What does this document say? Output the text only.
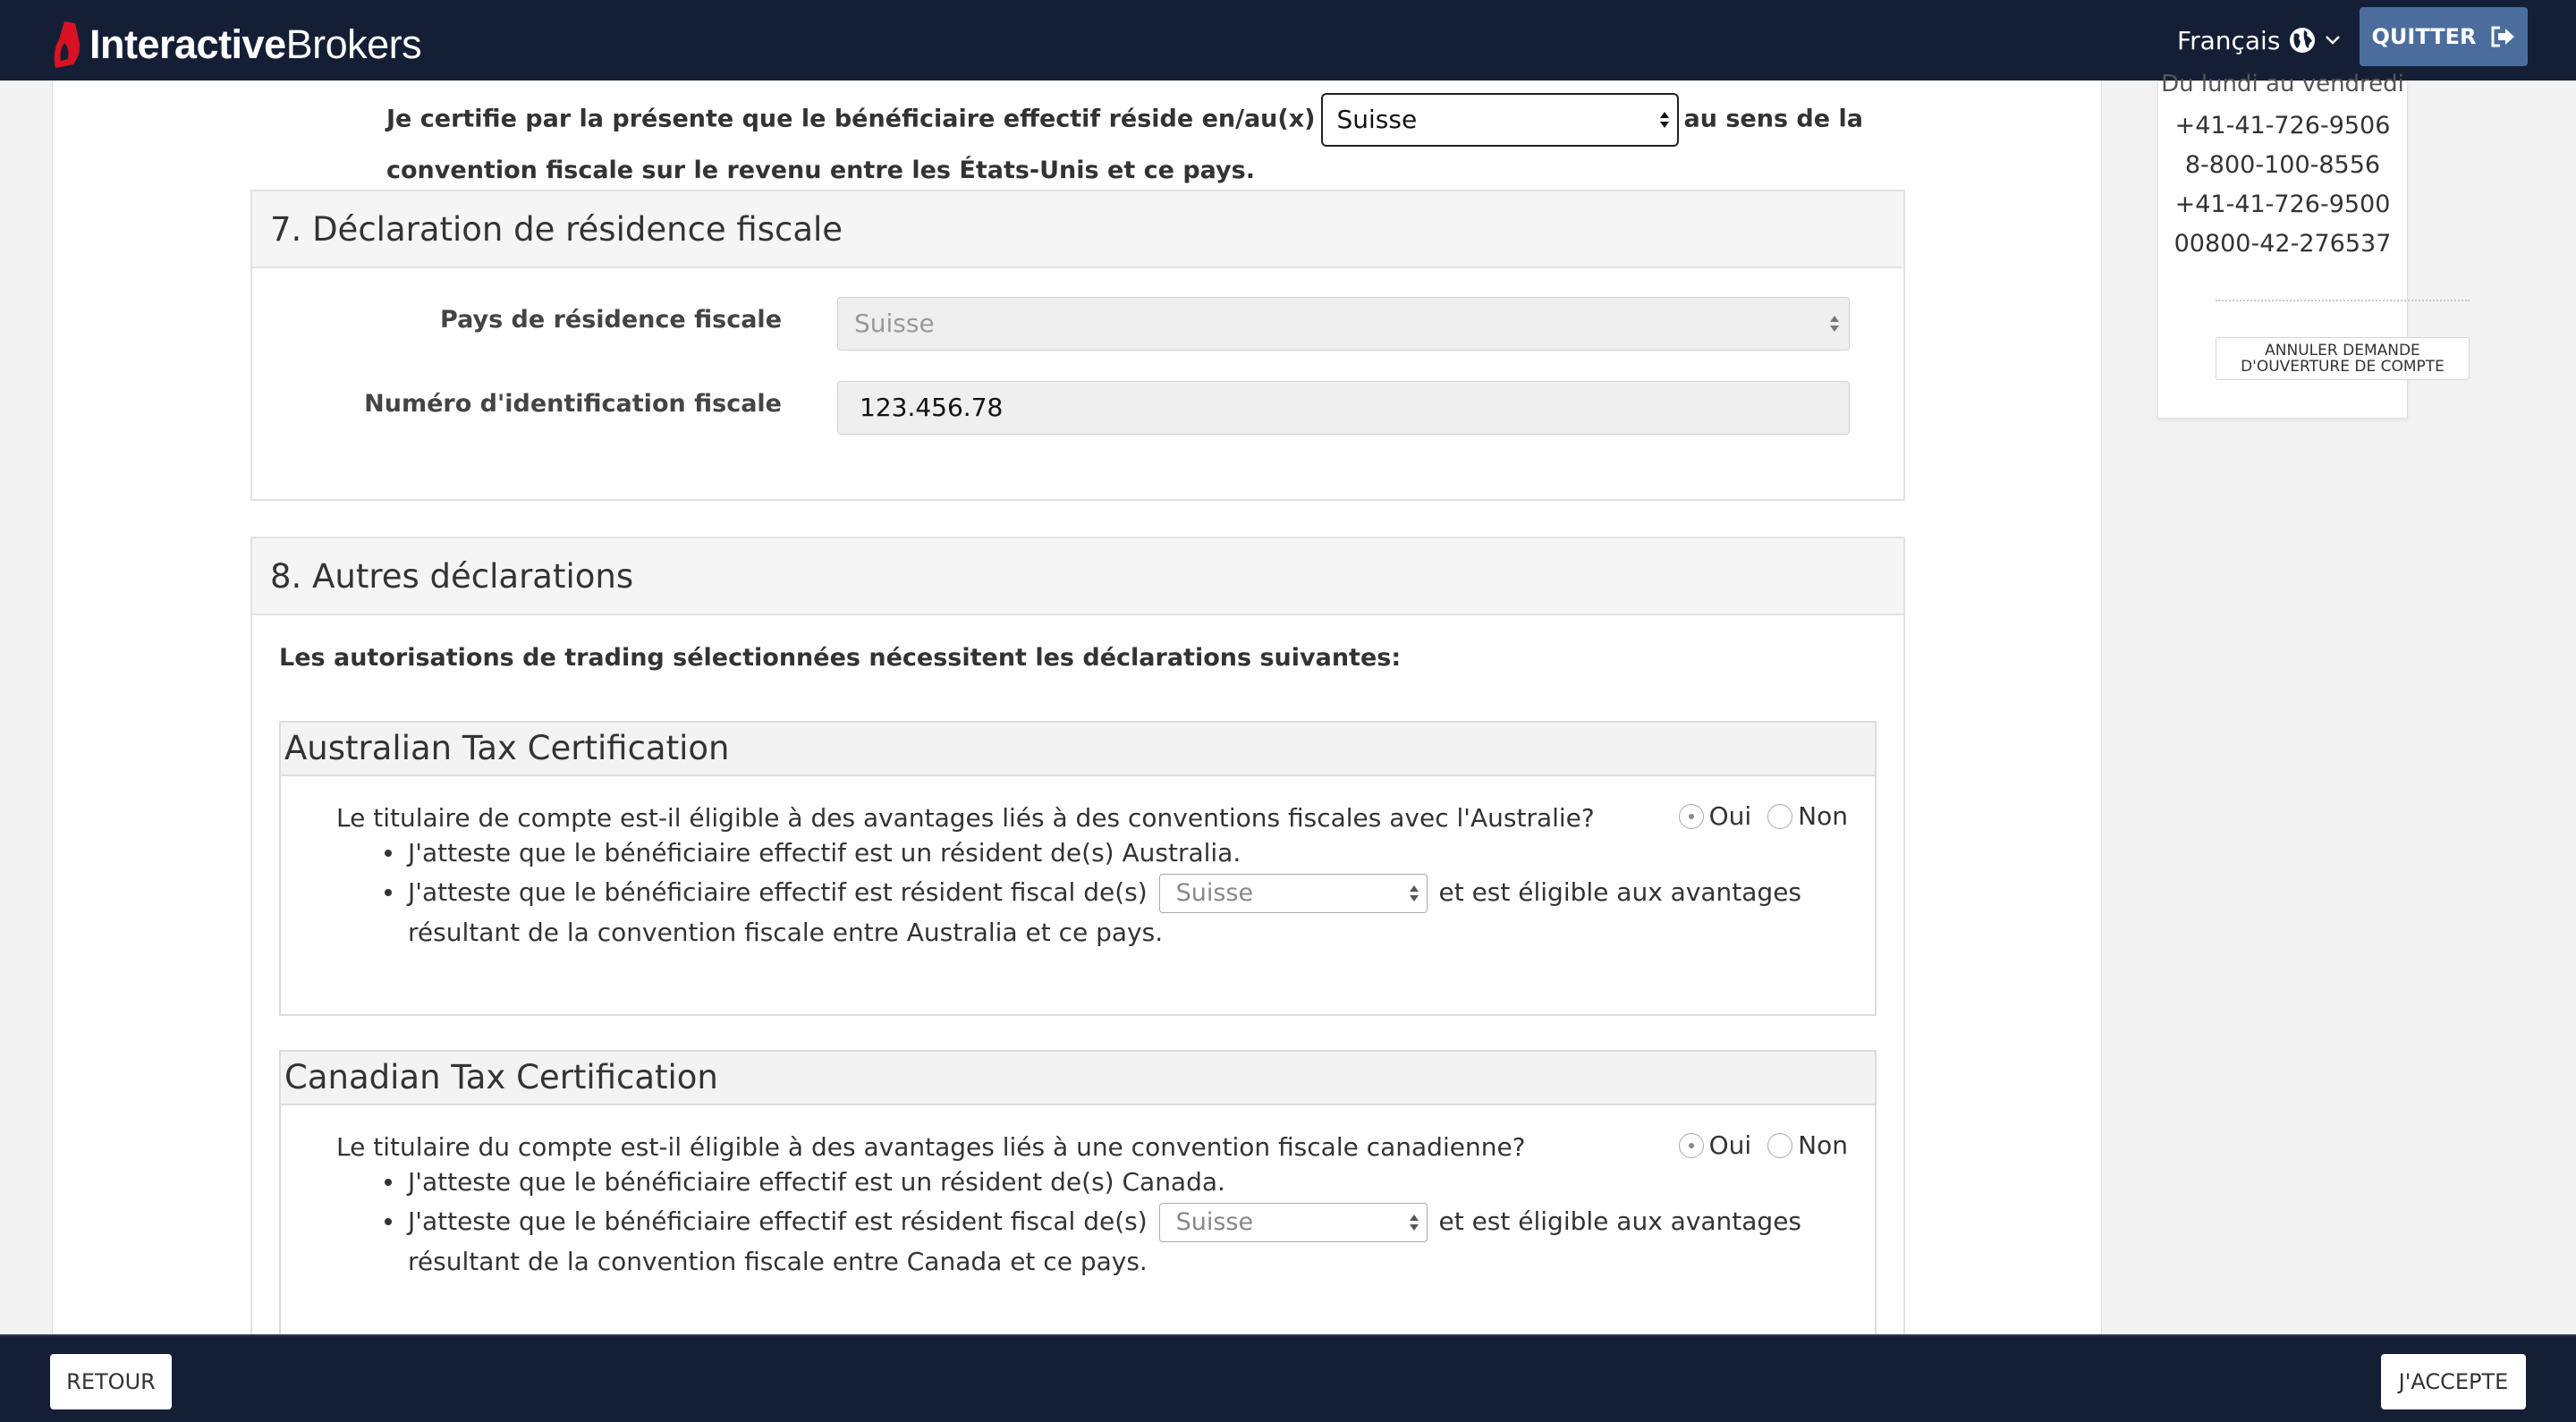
InteractiveBrokers	Français	QUITTER
Du lundi au vendredi
+41-41-726-9506
8-800-100-8556
+41-41-726-9500
00800-42-276537
ANNULER DEMANDE
D'OUVERTURE DE COMPTE
Je certifie par la présente que le bénéficiaire effectif réside en/au(x) Suisse	au sens de la convention fiscale sur le revenu entre les États-Unis et ce pays.
7. Déclaration de résidence fiscale
Pays de résidence fiscale	Suisse
Numéro d'identification fiscale	123.456.78
8. Autres déclarations
Les autorisations de trading sélectionnées nécessitent les déclarations suivantes:
Australian Tax Certification
Le titulaire de compte est-il éligible à des avantages liés à des conventions fiscales avec l'Australie?	Oui Non
J'atteste que le bénéficiaire effectif est un résident de(s) Australia.
J'atteste que le bénéficiaire effectif est résident fiscal de(s) Suisse	et est éligible aux avantages résultant de la convention fiscale entre Australia et ce pays.
Canadian Tax Certification
Le titulaire du compte est-il éligible à des avantages liés à une convention fiscale canadienne?	Oui Non
J'atteste que le bénéficiaire effectif est un résident de(s) Canada.
J'atteste que le bénéficiaire effectif est résident fiscal de(s) Suisse	et est éligible aux avantages résultant de la convention fiscale entre Canada et ce pays.
RETOUR	J'ACCEPTE
